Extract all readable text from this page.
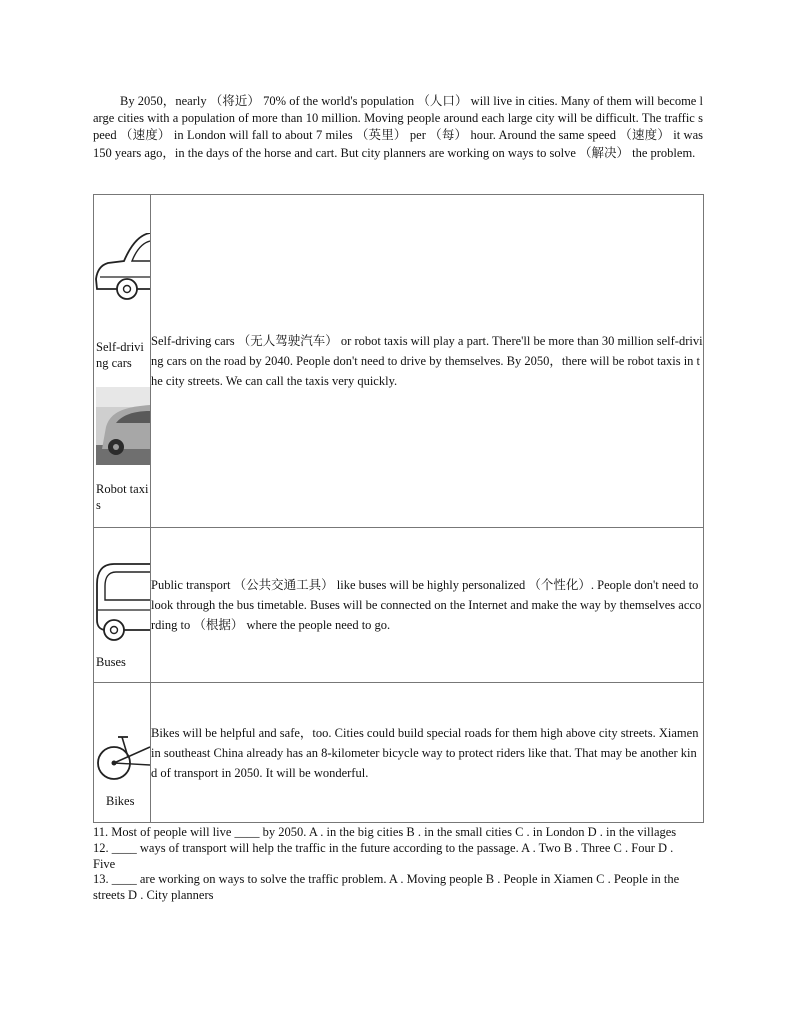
By 2050，nearly （将近） 70% of the world's population （人口） will live in cities. Many of them will become large cities with a population of more than 10 million. Moving people around each large city will be difficult. The traffic speed （速度） in London will fall to about 7 miles （英里） per （每） hour. Around the same speed （速度） it was 150 years ago，in the days of the horse and cart. But city planners are working on ways to solve （解决） the problem.

Self-driving cars
Robot taxis	Self-driving cars （无人驾驶汽车） or robot taxis will play a part. There'll be more than 30 million self-driving cars on the road by 2040. People don't need to drive by themselves. By 2050，there will be robot taxis in the city streets. We can call the taxis very quickly.

Buses	Public transport （公共交通工具） like buses will be highly personalized （个性化）. People don't need to look through the bus timetable. Buses will be connected on the Internet and make the way by themselves according to （根据） where the people need to go.

Bikes	Bikes will be helpful and safe，too. Cities could build special roads for them high above city streets. Xiamen in southeast China already has an 8-kilometer bicycle way to protect riders like that. That may be another kind of transport in 2050. It will be wonderful.

11. Most of people will live ____ by 2050. A . in the big cities B . in the small cities C . in London D . in the villages

12. ____ ways of transport will help the traffic in the future according to the passage. A . Two B . Three C . Four D . Five

13. ____ are working on ways to solve the traffic problem. A . Moving people B . People in Xiamen C . People in the streets D . City planners
